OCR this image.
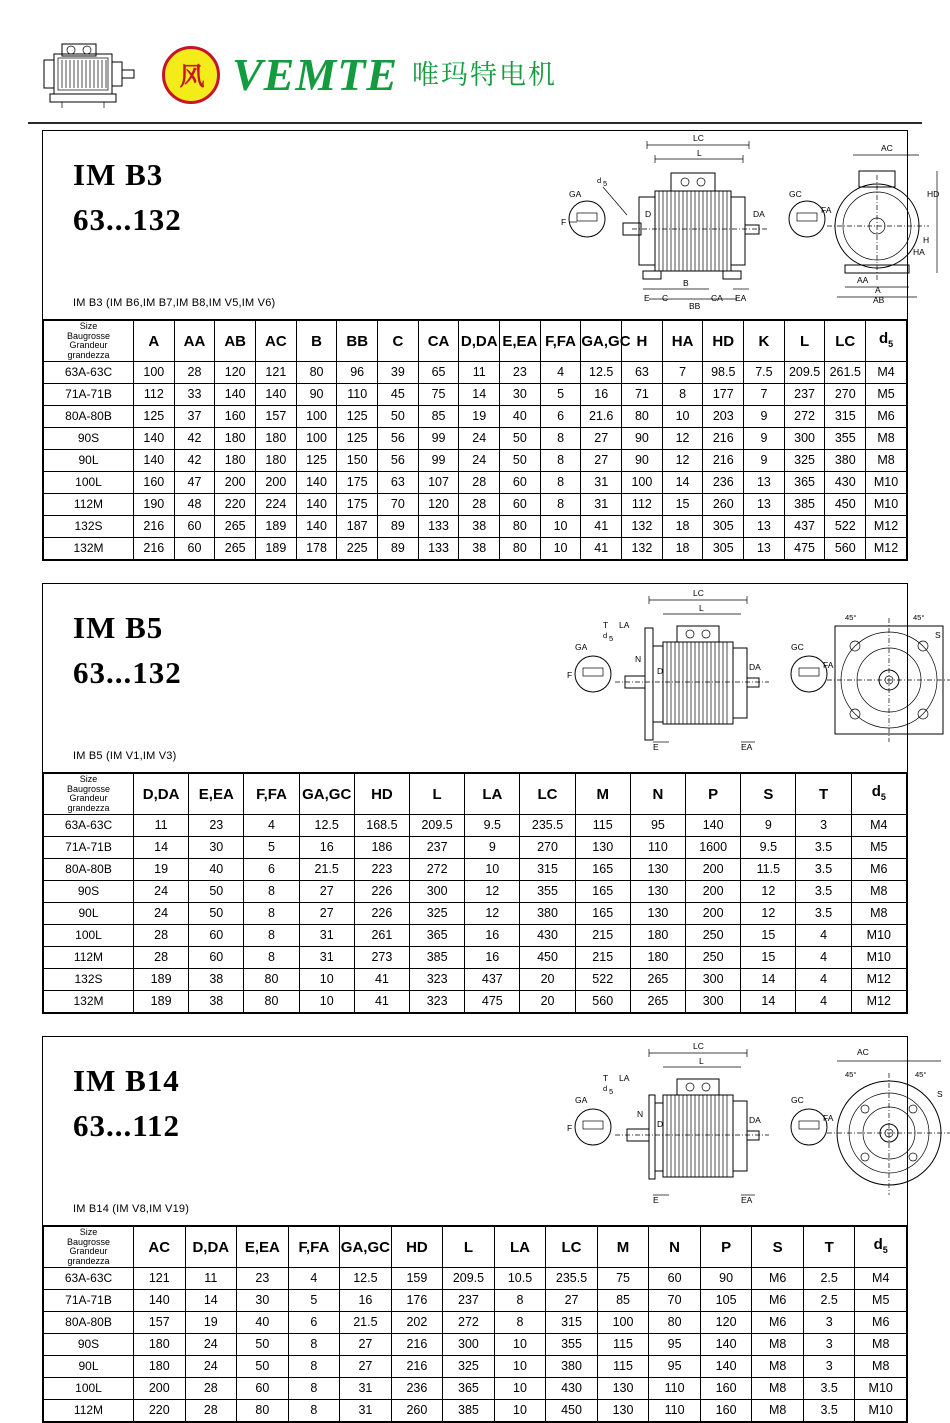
风 VEMTE 唯玛特电机
IM B3
63...132
IM B3 (IM B6,IM B7,IM B8,IM V5,IM V6)
LC
L
E C
B
BB
CA EA
GA
F
d 5
D	DA
GC
FA
AC
HD
H
HA
AA
A
AB
Size
Baugrosse
Grandeur
grandezza	A	AA	AB	AC	B	BB	C	CA	D,DA	E,EA	F,FA	GA,GC	H	HA	HD	K	L	LC	$d_5$
63A-63C	100	28	120	121	80	96	39	65	11	23	4	12.5	63	7	98.5	7.5	209.5	261.5	M4
71A-71B	112	33	140	140	90	110	45	75	14	30	5	16	71	8	177	7	237	270	M5
80A-80B	125	37	160	157	100	125	50	85	19	40	6	21.6	80	10	203	9	272	315	M6
90S	140	42	180	180	100	125	56	99	24	50	8	27	90	12	216	9	300	355	M8
90L	140	42	180	180	125	150	56	99	24	50	8	27	90	12	216	9	325	380	M8
100L	160	47	200	200	140	175	63	107	28	60	8	31	100	14	236	13	365	430	M10
112M	190	48	220	224	140	175	70	120	28	60	8	31	112	15	260	13	385	450	M10
132S	216	60	265	189	140	187	89	133	38	80	10	41	132	18	305	13	437	522	M12
132M	216	60	265	189	178	225	89	133	38	80	10	41	132	18	305	13	475	560	M12
IM B5
63...132
IM B5 (IM V1,IM V3)
LC
L
LA
T
N
D	DA
E	EA
GA
F
d 5
GC
FA
45°	45°
S
Size
Baugrosse
Grandeur
grandezza	D,DA	E,EA	F,FA	GA,GC	HD	L	LA	LC	M	N	P	S	T	$d_5$
63A-63C	11	23	4	12.5	168.5	209.5	9.5	235.5	115	95	140	9	3	M4
71A-71B	14	30	5	16	186	237	9	270	130	110	1600	9.5	3.5	M5
80A-80B	19	40	6	21.5	223	272	10	315	165	130	200	11.5	3.5	M6
90S	24	50	8	27	226	300	12	355	165	130	200	12	3.5	M8
90L	24	50	8	27	226	325	12	380	165	130	200	12	3.5	M8
100L	28	60	8	31	261	365	16	430	215	180	250	15	4	M10
112M	28	60	8	31	273	385	16	450	215	180	250	15	4	M10
132S	189	38	80	10	41	323	437	20	522	265	300	14	4	M12
132M	189	38	80	10	41	323	475	20	560	265	300	14	4	M12
IM B14
63...112
IM B14 (IM V8,IM V19)
LC
L
LA
T
AC
N
D	DA
E	EA
GA
F
d 5
GC
FA
45°	45°
S
Size
Baugrosse
Grandeur
grandezza	AC	D,DA	E,EA	F,FA	GA,GC	HD	L	LA	LC	M	N	P	S	T	$d_5$
63A-63C	121	11	23	4	12.5	159	209.5	10.5	235.5	75	60	90	M6	2.5	M4
71A-71B	140	14	30	5	16	176	237	8	27	85	70	105	M6	2.5	M5
80A-80B	157	19	40	6	21.5	202	272	8	315	100	80	120	M6	3	M6
90S	180	24	50	8	27	216	300	10	355	115	95	140	M8	3	M8
90L	180	24	50	8	27	216	325	10	380	115	95	140	M8	3	M8
100L	200	28	60	8	31	236	365	10	430	130	110	160	M8	3.5	M10
112M	220	28	80	8	31	260	385	10	450	130	110	160	M8	3.5	M10
